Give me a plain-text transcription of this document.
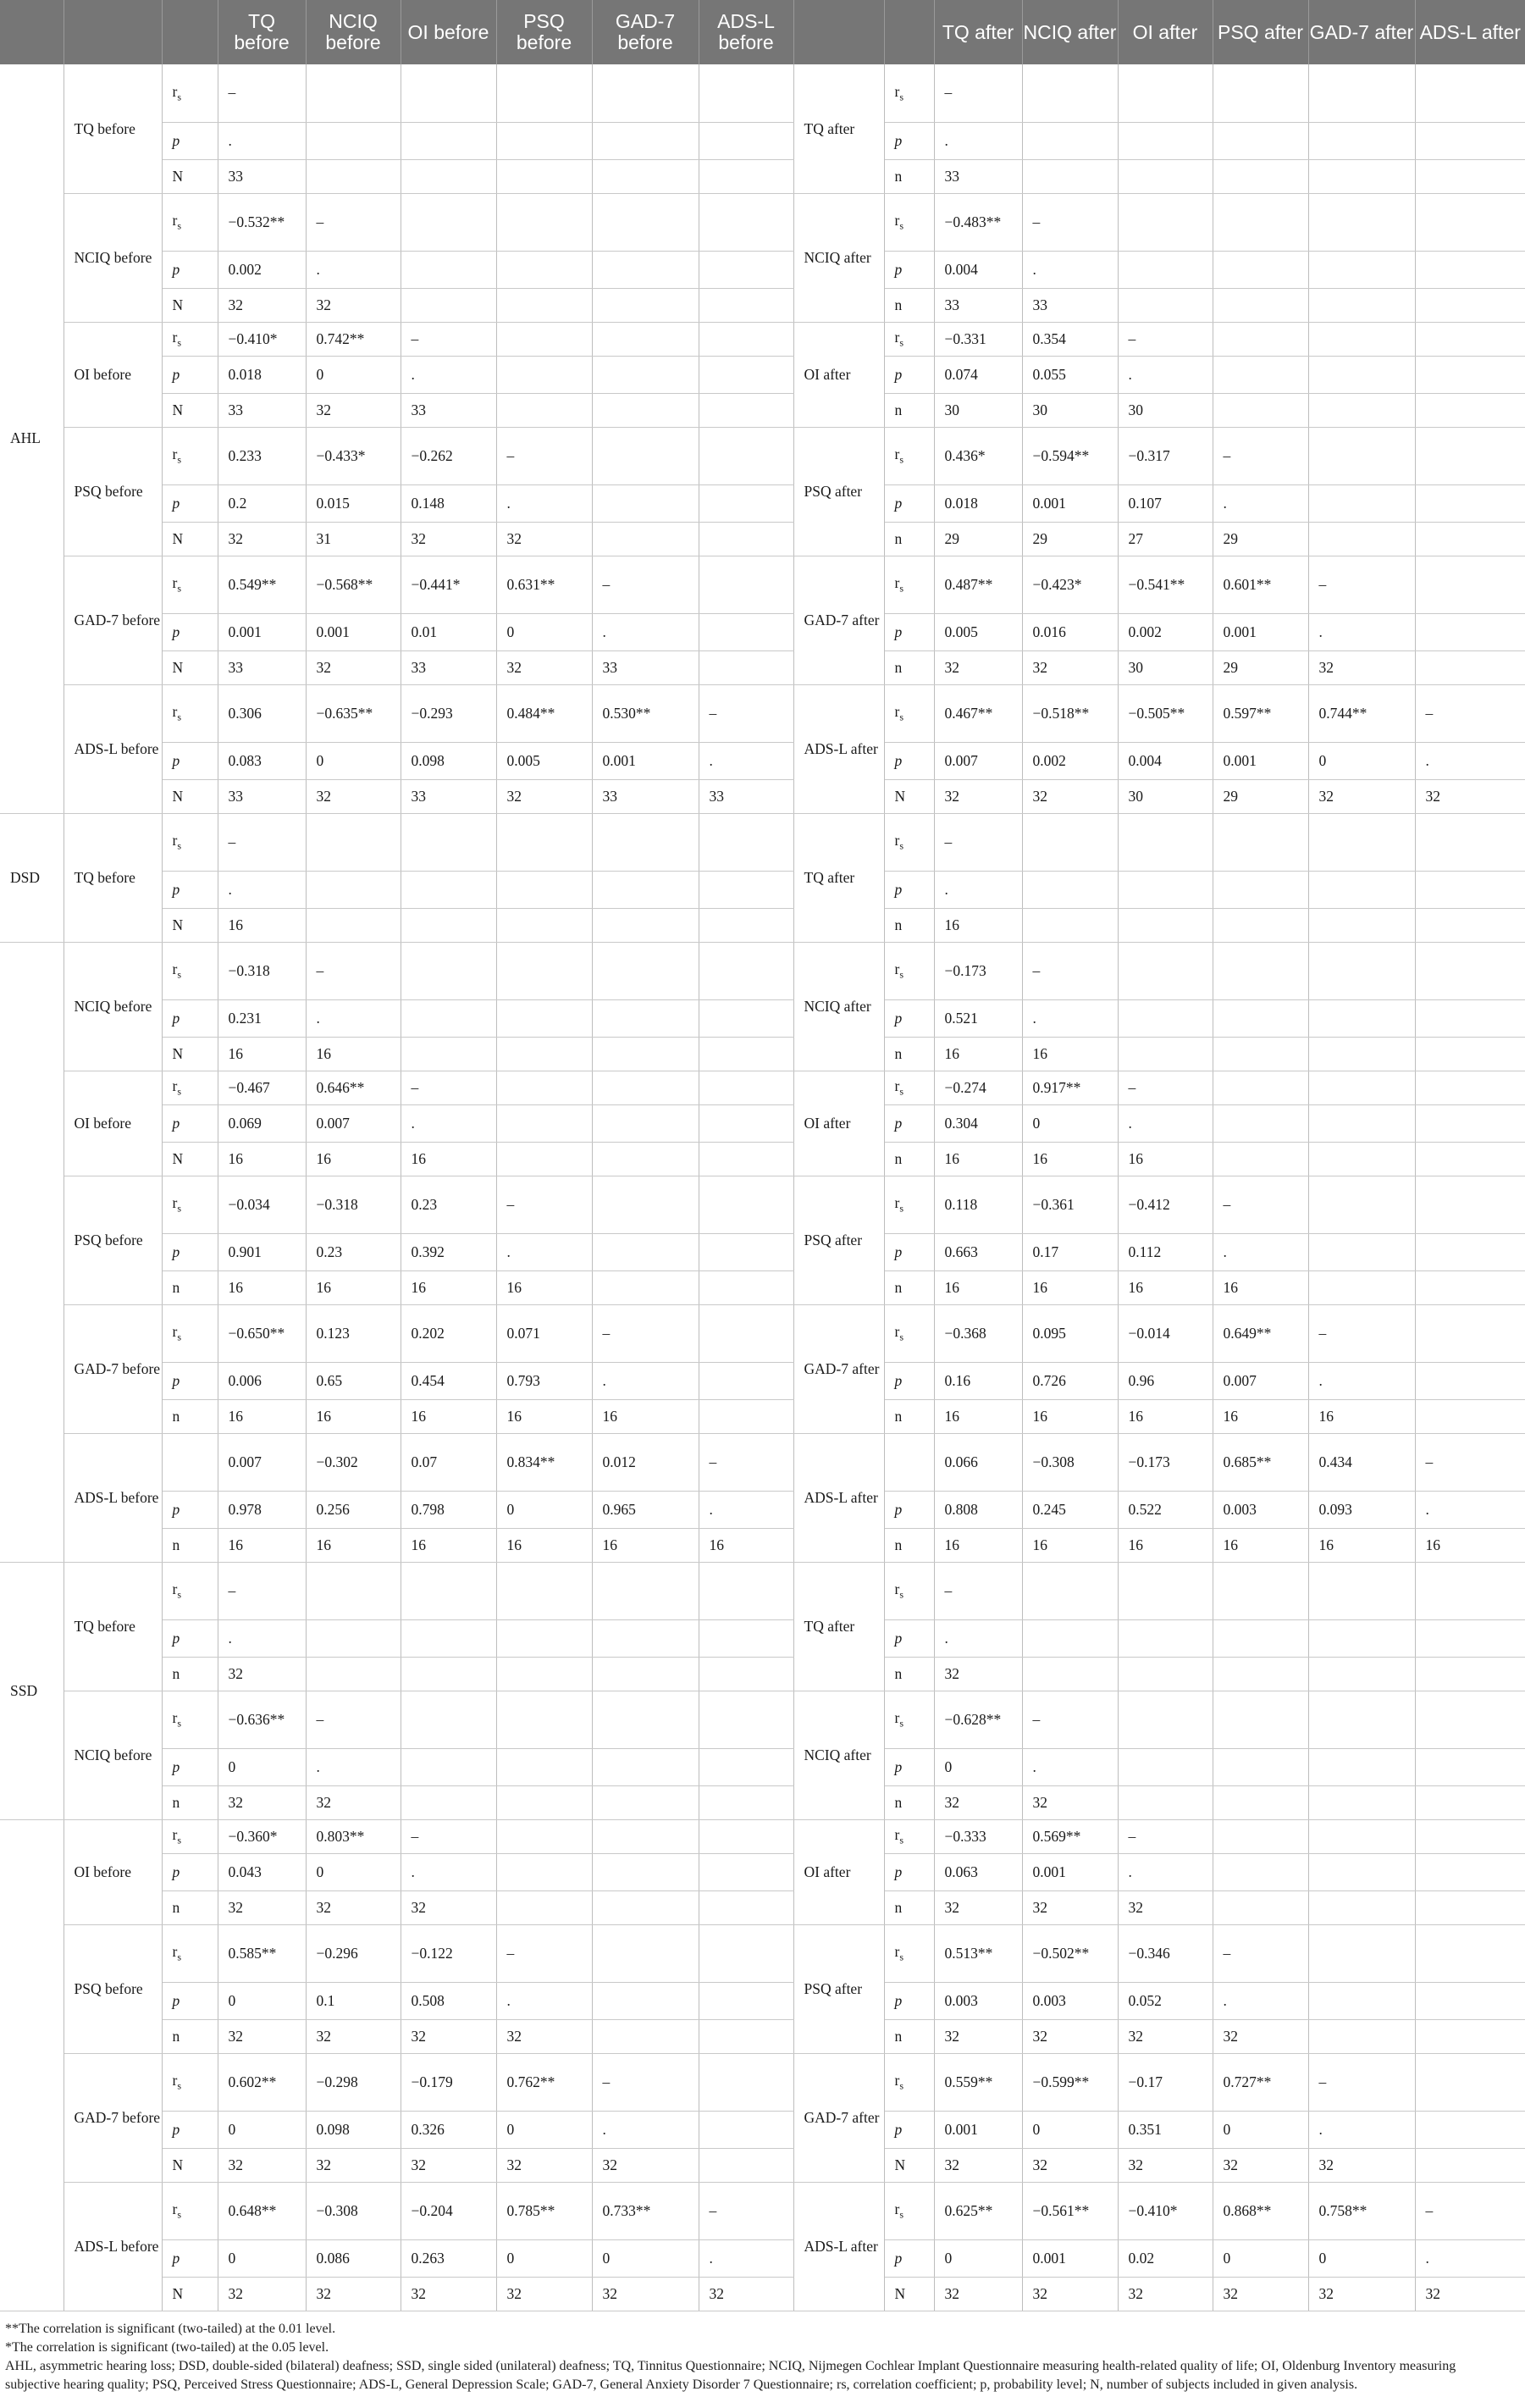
			TQ before	NCIQ before	OI before	PSQ before	GAD-7 before	ADS-L before			TQ after	NCIQ after	OI after	PSQ after	GAD-7 after	ADS-L after
AHL	TQ before	$r_s$	–						TQ after	$r_s$	–					
		p	.							p	.					
		N	33							n	33					
	NCIQ before	$r_s$	−0.532**	–					NCIQ after	$r_s$	−0.483**	–				
		p	0.002	.						p	0.004	.				
		N	32	32						n	33	33				
	OI before	$r_s$	−0.410*	0.742**	–				OI after	$r_s$	−0.331	0.354	–			
		p	0.018	0	.					p	0.074	0.055	.			
		N	33	32	33					n	30	30	30			
	PSQ before	$r_s$	0.233	−0.433*	−0.262	–			PSQ after	$r_s$	0.436*	−0.594**	−0.317	–		
		p	0.2	0.015	0.148	.				p	0.018	0.001	0.107	.		
		N	32	31	32	32				n	29	29	27	29		
	GAD-7 before	$r_s$	0.549**	−0.568**	−0.441*	0.631**	–		GAD-7 after	$r_s$	0.487**	−0.423*	−0.541**	0.601**	–	
		p	0.001	0.001	0.01	0	.			p	0.005	0.016	0.002	0.001	.	
		N	33	32	33	32	33			n	32	32	30	29	32	
	ADS-L before	$r_s$	0.306	−0.635**	−0.293	0.484**	0.530**	–	ADS-L after	$r_s$	0.467**	−0.518**	−0.505**	0.597**	0.744**	–
		p	0.083	0	0.098	0.005	0.001	.		p	0.007	0.002	0.004	0.001	0	.
		N	33	32	33	32	33	33		N	32	32	30	29	32	32
DSD	TQ before	$r_s$	–						TQ after	$r_s$	–					
		p	.							p	.					
		N	16							n	16					
	NCIQ before	$r_s$	−0.318	–					NCIQ after	$r_s$	−0.173	–				
		p	0.231	.						p	0.521	.				
		N	16	16						n	16	16				
	OI before	$r_s$	−0.467	0.646**	–				OI after	$r_s$	−0.274	0.917**	–			
		p	0.069	0.007	.					p	0.304	0	.			
		N	16	16	16					n	16	16	16			
	PSQ before	$r_s$	−0.034	−0.318	0.23	–			PSQ after	$r_s$	0.118	−0.361	−0.412	–		
		p	0.901	0.23	0.392	.				p	0.663	0.17	0.112	.		
		n	16	16	16	16				n	16	16	16	16		
	GAD-7 before	$r_s$	−0.650**	0.123	0.202	0.071	–		GAD-7 after	$r_s$	−0.368	0.095	−0.014	0.649**	–	
		p	0.006	0.65	0.454	0.793	.			p	0.16	0.726	0.96	0.007	.	
		n	16	16	16	16	16			n	16	16	16	16	16	
	ADS-L before		0.007	−0.302	0.07	0.834**	0.012	–	ADS-L after		0.066	−0.308	−0.173	0.685**	0.434	–
		p	0.978	0.256	0.798	0	0.965	.		p	0.808	0.245	0.522	0.003	0.093	.
		n	16	16	16	16	16	16		n	16	16	16	16	16	16
SSD	TQ before	$r_s$	–						TQ after	$r_s$	–					
		p	.							p	.					
		n	32							n	32					
	NCIQ before	$r_s$	−0.636**	–					NCIQ after	$r_s$	−0.628**	–				
		p	0	.						p	0	.				
		n	32	32						n	32	32				
	OI before	$r_s$	−0.360*	0.803**	–				OI after	$r_s$	−0.333	0.569**	–			
		p	0.043	0	.					p	0.063	0.001	.			
		n	32	32	32					n	32	32	32			
	PSQ before	$r_s$	0.585**	−0.296	−0.122	–			PSQ after	$r_s$	0.513**	−0.502**	−0.346	–		
		p	0	0.1	0.508	.				p	0.003	0.003	0.052	.		
		n	32	32	32	32				n	32	32	32	32		
	GAD-7 before	$r_s$	0.602**	−0.298	−0.179	0.762**	–		GAD-7 after	$r_s$	0.559**	−0.599**	−0.17	0.727**	–	
		p	0	0.098	0.326	0	.			p	0.001	0	0.351	0	.	
		N	32	32	32	32	32			N	32	32	32	32	32	
	ADS-L before	$r_s$	0.648**	−0.308	−0.204	0.785**	0.733**	–	ADS-L after	$r_s$	0.625**	−0.561**	−0.410*	0.868**	0.758**	–
		p	0	0.086	0.263	0	0	.		p	0	0.001	0.02	0	0	.
		N	32	32	32	32	32	32		N	32	32	32	32	32	32

**The correlation is significant (two-tailed) at the 0.01 level.

*The correlation is significant (two-tailed) at the 0.05 level.

AHL, asymmetric hearing loss; DSD, double-sided (bilateral) deafness; SSD, single sided (unilateral) deafness; TQ, Tinnitus Questionnaire; NCIQ, Nijmegen Cochlear Implant Questionnaire measuring health-related quality of life; OI, Oldenburg Inventory measuring subjective hearing quality; PSQ, Perceived Stress Questionnaire; ADS-L, General Depression Scale; GAD-7, General Anxiety Disorder 7 Questionnaire; rs, correlation coefficient; p, probability level; N, number of subjects included in given analysis.
